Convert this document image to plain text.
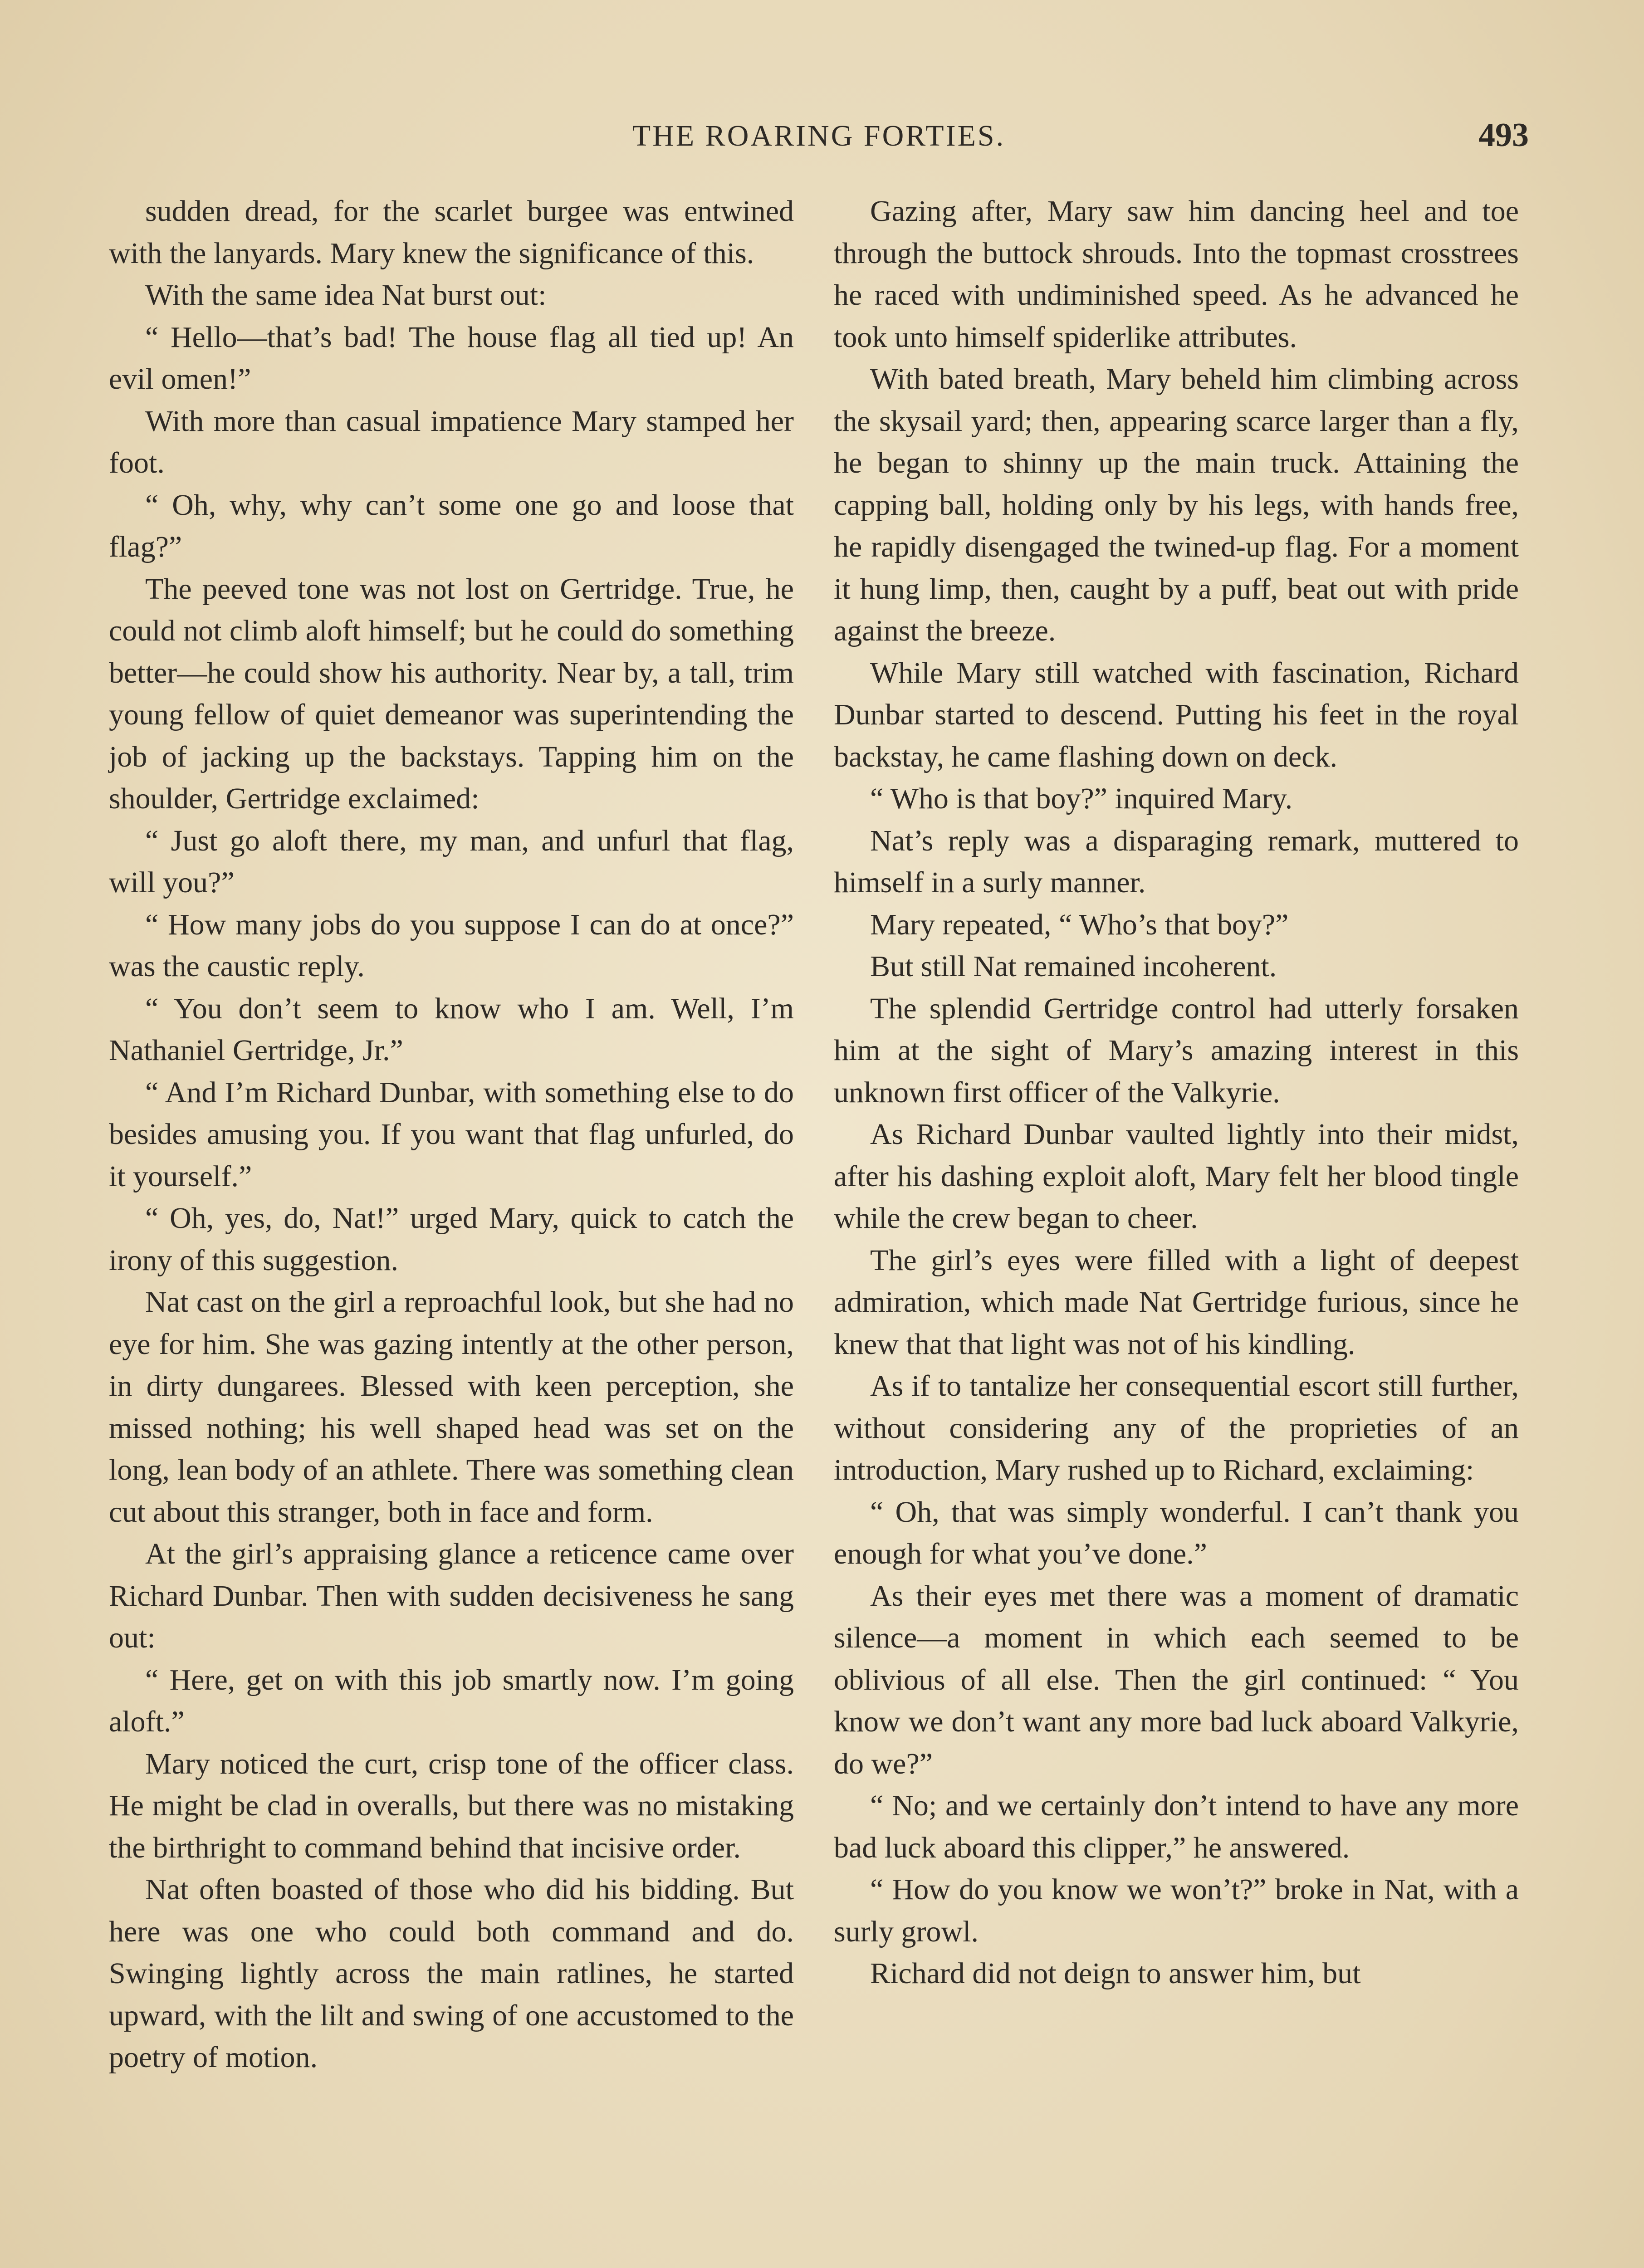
THE ROARING FORTIES.	493

sudden dread, for the scarlet burgee was entwined with the lanyards. Mary knew the significance of this.

With the same idea Nat burst out:

“ Hello—that’s bad! The house flag all tied up! An evil omen!”

With more than casual impatience Mary stamped her foot.

“ Oh, why, why can’t some one go and loose that flag?”

The peeved tone was not lost on Gertridge. True, he could not climb aloft himself; but he could do something better—he could show his authority. Near by, a tall, trim young fellow of quiet demeanor was superintending the job of jacking up the backstays. Tapping him on the shoulder, Gertridge exclaimed:

“ Just go aloft there, my man, and unfurl that flag, will you?”

“ How many jobs do you suppose I can do at once?” was the caustic reply.

“ You don’t seem to know who I am. Well, I’m Nathaniel Gertridge, Jr.”

“ And I’m Richard Dunbar, with something else to do besides amusing you. If you want that flag unfurled, do it yourself.”

“ Oh, yes, do, Nat!” urged Mary, quick to catch the irony of this suggestion.

Nat cast on the girl a reproachful look, but she had no eye for him. She was gazing intently at the other person, in dirty dungarees. Blessed with keen perception, she missed nothing; his well shaped head was set on the long, lean body of an athlete. There was something clean cut about this stranger, both in face and form.

At the girl’s appraising glance a reticence came over Richard Dunbar. Then with sudden decisiveness he sang out:

“ Here, get on with this job smartly now. I’m going aloft.”

Mary noticed the curt, crisp tone of the officer class. He might be clad in overalls, but there was no mistaking the birthright to command behind that incisive order.

Nat often boasted of those who did his bidding. But here was one who could both command and do. Swinging lightly across the main ratlines, he started upward, with the lilt and swing of one accustomed to the poetry of motion.

Gazing after, Mary saw him dancing heel and toe through the buttock shrouds. Into the topmast crosstrees he raced with undiminished speed. As he advanced he took unto himself spiderlike attributes.

With bated breath, Mary beheld him climbing across the skysail yard; then, appearing scarce larger than a fly, he began to shinny up the main truck. Attaining the capping ball, holding only by his legs, with hands free, he rapidly disengaged the twined-up flag. For a moment it hung limp, then, caught by a puff, beat out with pride against the breeze.

While Mary still watched with fascination, Richard Dunbar started to descend. Putting his feet in the royal backstay, he came flashing down on deck.

“ Who is that boy?” inquired Mary.

Nat’s reply was a disparaging remark, muttered to himself in a surly manner.

Mary repeated, “ Who’s that boy?”

But still Nat remained incoherent.

The splendid Gertridge control had utterly forsaken him at the sight of Mary’s amazing interest in this unknown first officer of the Valkyrie.

As Richard Dunbar vaulted lightly into their midst, after his dashing exploit aloft, Mary felt her blood tingle while the crew began to cheer.

The girl’s eyes were filled with a light of deepest admiration, which made Nat Gertridge furious, since he knew that that light was not of his kindling.

As if to tantalize her consequential escort still further, without considering any of the proprieties of an introduction, Mary rushed up to Richard, exclaiming:

“ Oh, that was simply wonderful. I can’t thank you enough for what you’ve done.”

As their eyes met there was a moment of dramatic silence—a moment in which each seemed to be oblivious of all else. Then the girl continued: “ You know we don’t want any more bad luck aboard Valkyrie, do we?”

“ No; and we certainly don’t intend to have any more bad luck aboard this clipper,” he answered.

“ How do you know we won’t?” broke in Nat, with a surly growl.

Richard did not deign to answer him, but
